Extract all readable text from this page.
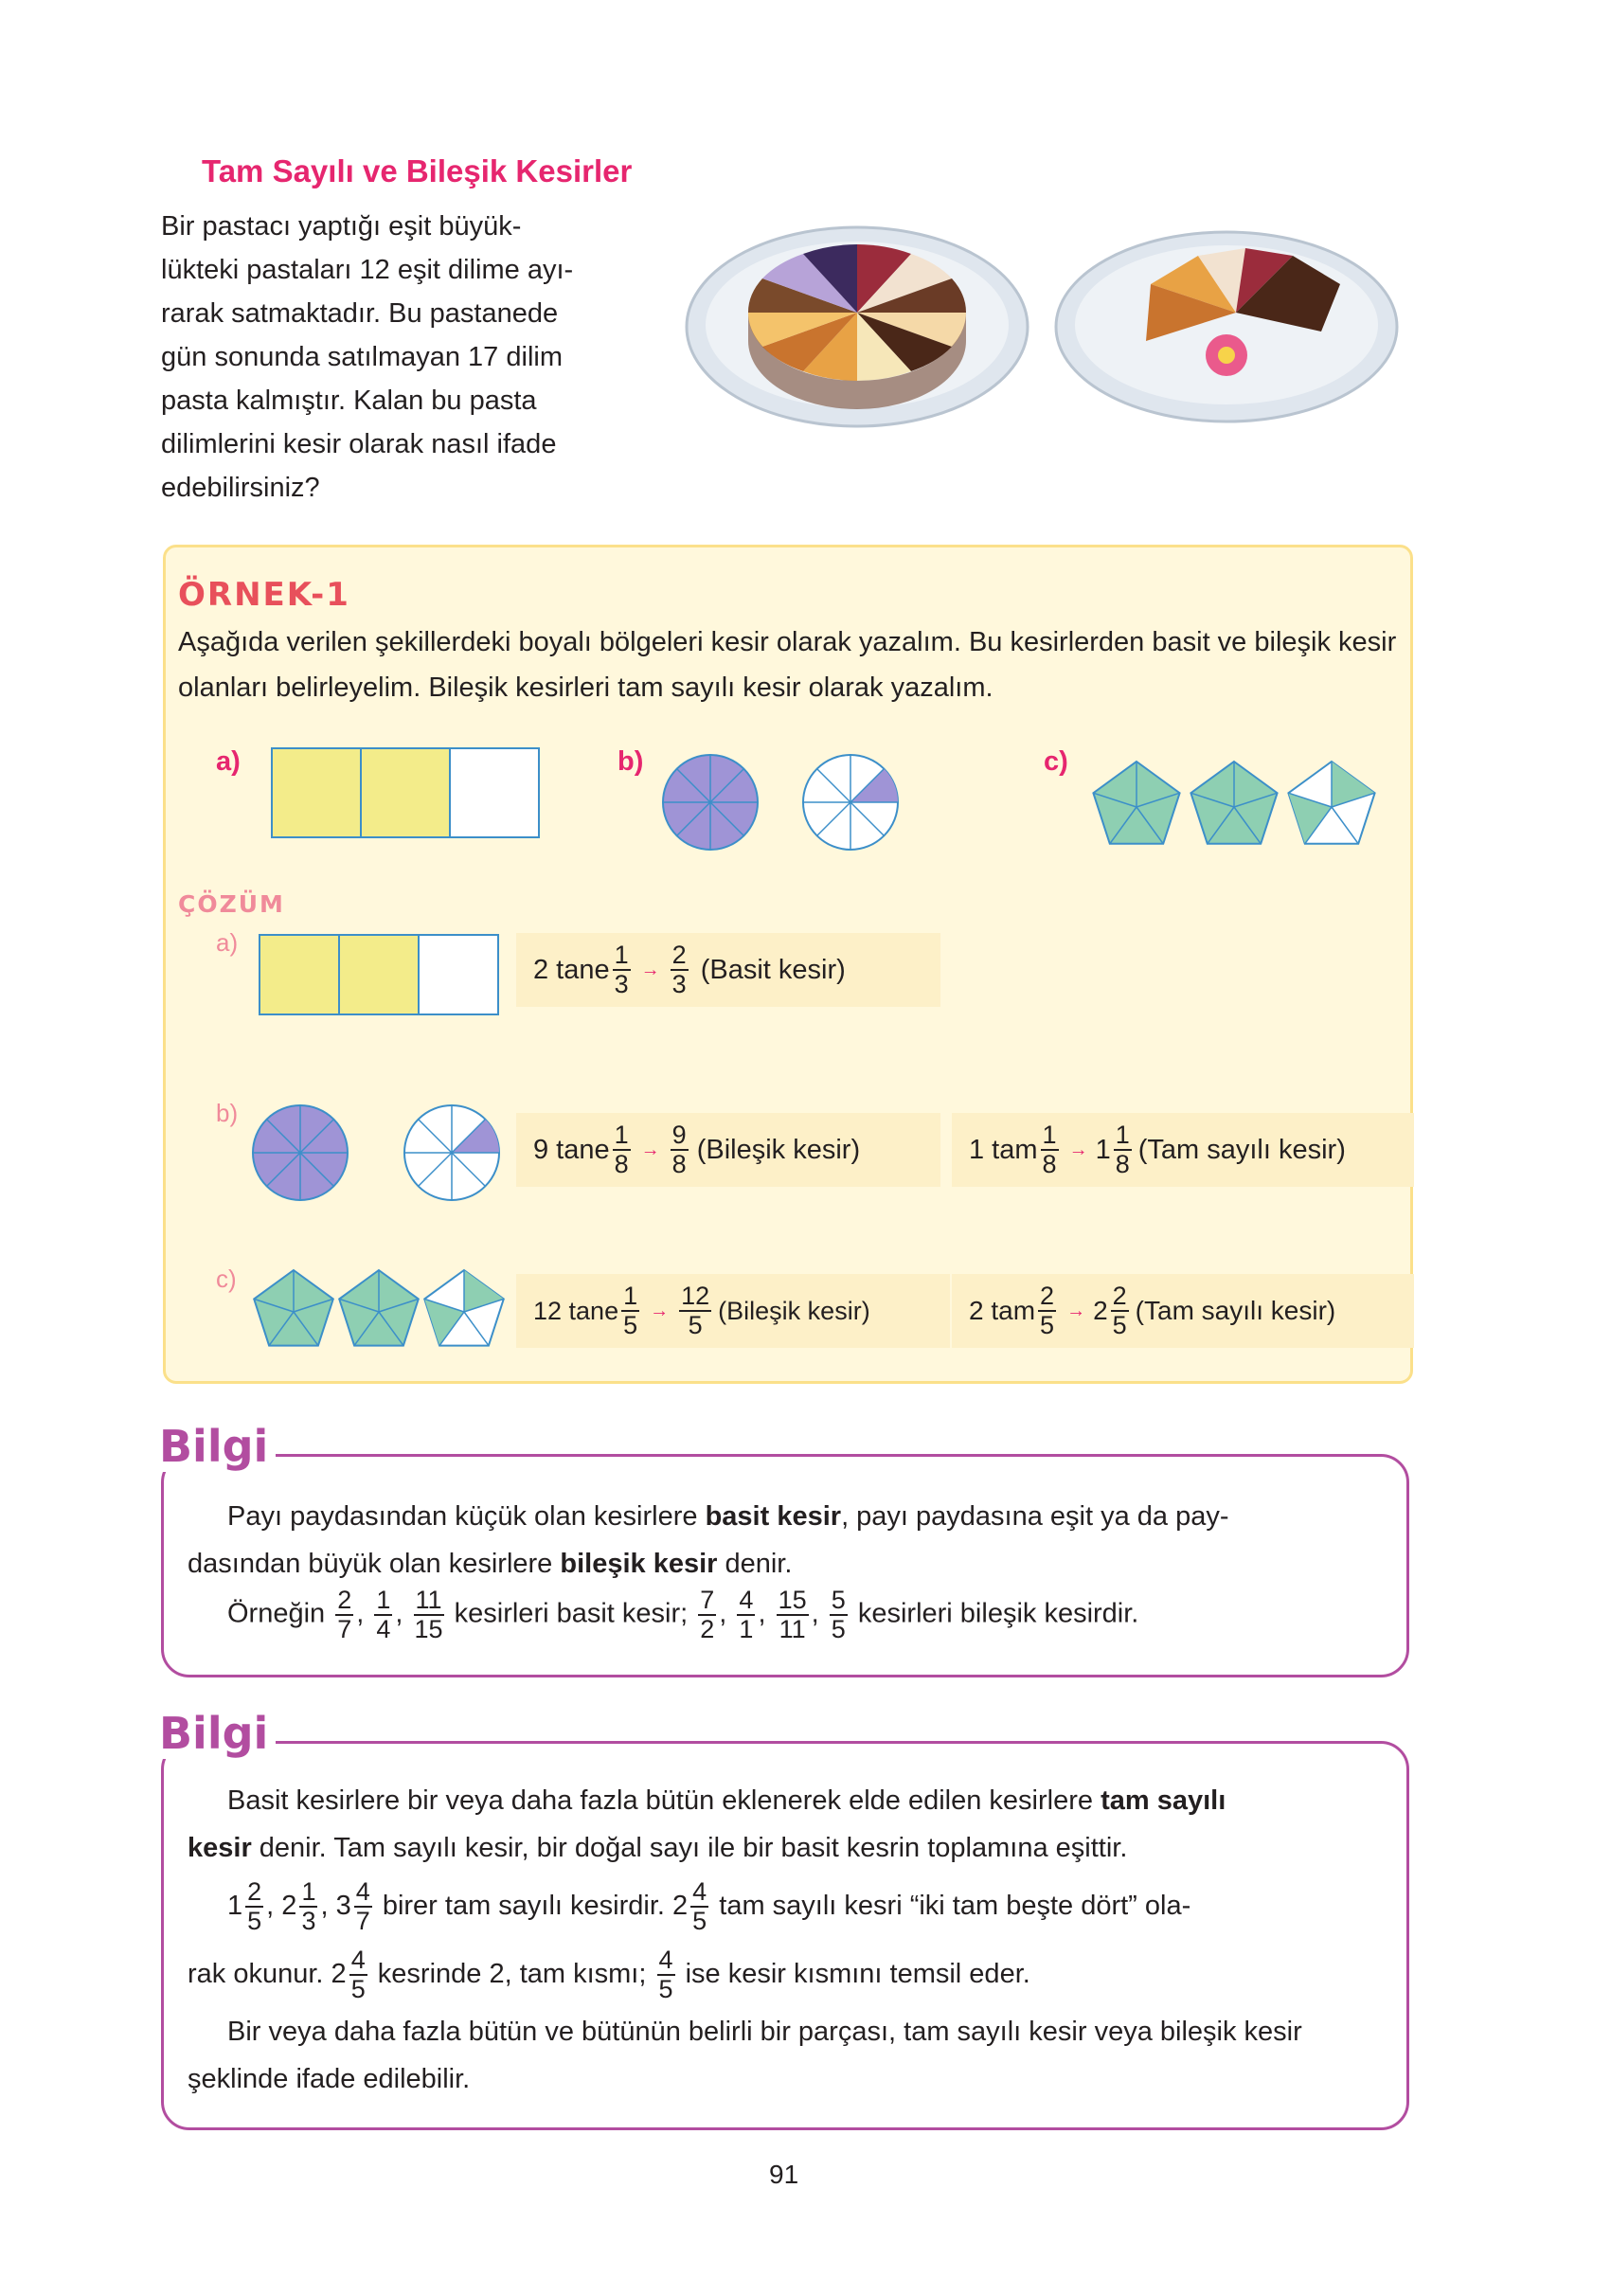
Tam Sayılı ve Bileşik Kesirler

Bir pastacı yaptığı eşit büyük-

lükteki pastaları 12 eşit dilime ayı-

rarak satmaktadır. Bu pastanede

gün sonunda satılmayan 17 dilim

pasta kalmıştır. Kalan bu pasta

dilimlerini kesir olarak nasıl ifade

edebilirsiniz?

ÖRNEK-1
Aşağıda verilen şekillerdeki boyalı bölgeleri kesir olarak yazalım. Bu kesirlerden basit ve bileşik kesir olanları belirleyelim. Bileşik kesirleri tam sayılı kesir olarak yazalım.
a)	b)	c)
ÇÖZÜM
a)
2 tane $\frac{1}{3} \to \frac{2}{3}$ (Basit kesir)
b)
9 tane $\frac{1}{8} \to \frac{9}{8}$ (Bileşik kesir)	1 tam $\frac{1}{8} \to 1 \frac{1}{8} (Tam$ sayılı kesir)
c)
12 tane $\frac{1}{5} \to \frac{12}{5}$ (Bileşik kesir)	2 tam $\frac{2}{5} \to 2 \frac{2}{5} (Tam$ sayılı kesir)
Bilgi

Payı paydasından küçük olan kesirlere basit kesir, payı paydasına eşit ya da pay-

dasından büyük olan kesirlere bileşik kesir denir.

Örneğin $\frac{2}{7}$ , $\frac{1}{4}$ , $\frac{11}{15}$ kesirleri basit kesir; $\frac{7}{2}$ , $\frac{4}{1}$ , $\frac{15}{11}$ , $\frac{5}{5}$ kesirleri bileşik kesirdir.

Bilgi

Basit kesirlere bir veya daha fazla bütün eklenerek elde edilen kesirlere tam sayılı

kesir denir. Tam sayılı kesir, bir doğal sayı ile bir basit kesrin toplamına eşittir.

$1 \frac{2}{5}$ , $2 \frac{1}{3}$ , $3 \frac{4}{7}$ birer tam sayılı kesirdir. $2 \frac{4}{5}$ tam sayılı kesri “iki tam beşte dört” ola-

rak okunur. $2 \frac{4}{5}$ kesrinde 2, tam kısmı; $\frac{4}{5}$ ise kesir kısmını temsil eder.

Bir veya daha fazla bütün ve bütünün belirli bir parçası, tam sayılı kesir veya bileşik kesir şeklinde ifade edilebilir.

91
